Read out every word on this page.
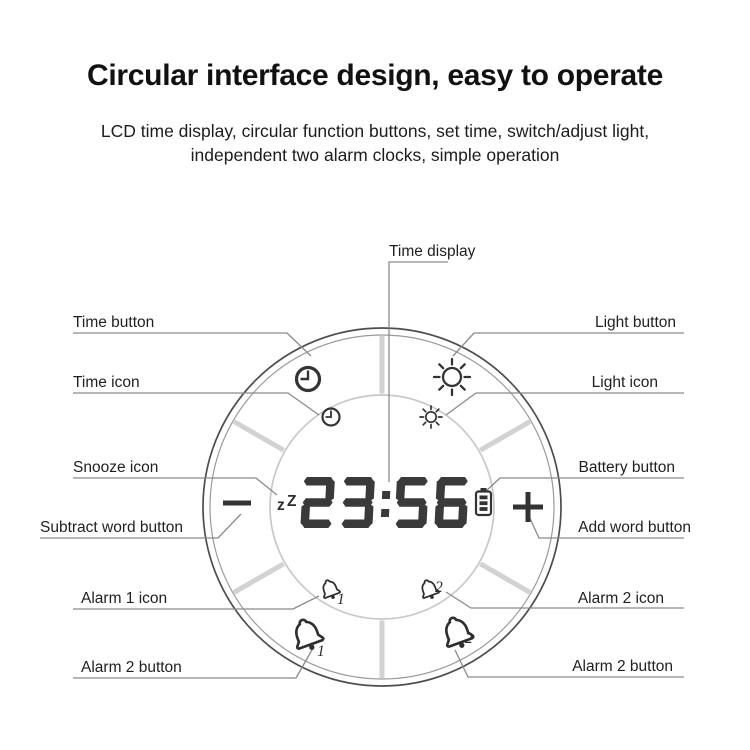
Circular interface design, easy to operate
LCD time display, circular function buttons, set time, switch/adjust light,
independent two alarm clocks, simple operation
Time display
Time button
Time icon
Snooze icon
Subtract word button
Alarm 1 icon
Alarm 2 button
Light button
Light icon
Battery button
Add word button
Alarm 2 icon
Alarm 2 button
1
2
z Z
1
2
